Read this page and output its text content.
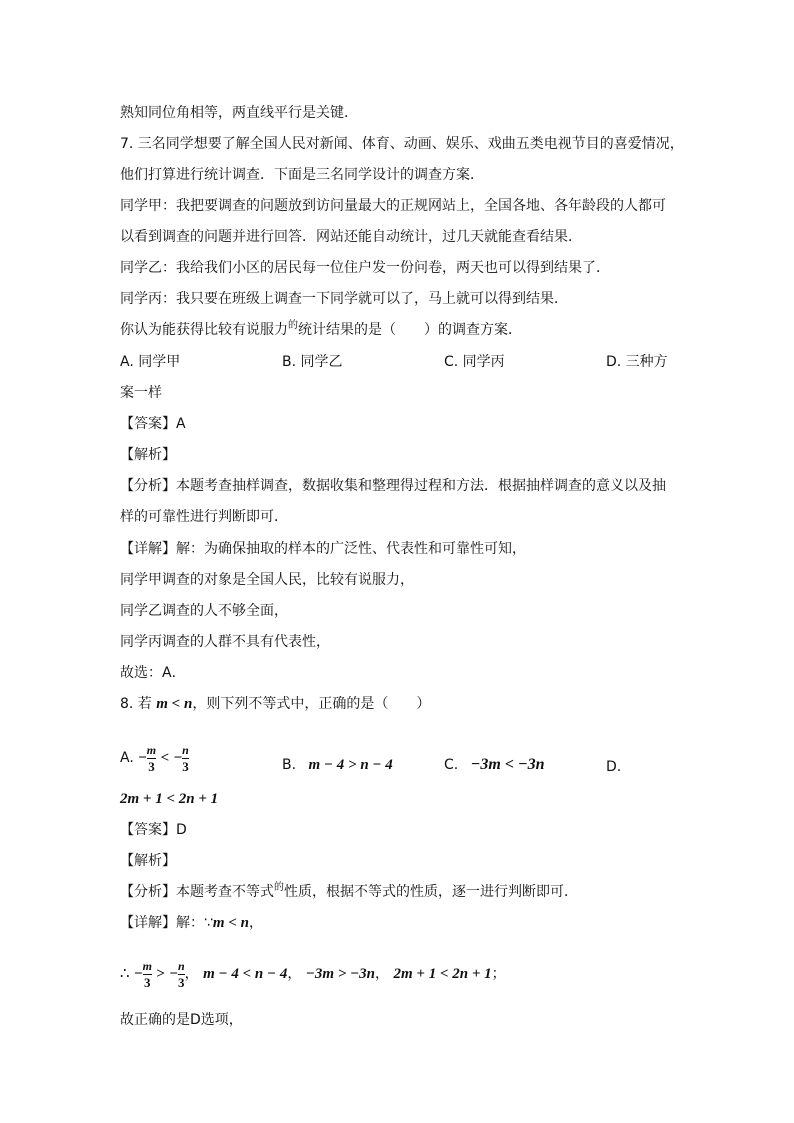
熟知同位角相等，两直线平行是关键.
7. 三名同学想要了解全国人民对新闻、体育、动画、娱乐、戏曲五类电视节目的喜爱情况，
他们打算进行统计调查．下面是三名同学设计的调查方案．
同学甲：我把要调查的问题放到访问量最大的正规网站上，全国各地、各年龄段的人都可
以看到调查的问题并进行回答．网站还能自动统计，过几天就能查看结果．
同学乙：我给我们小区的居民每一位住户发一份问卷，两天也可以得到结果了．
同学丙：我只要在班级上调查一下同学就可以了，马上就可以得到结果．
你认为能获得比较有说服力$^的$统计结果的是（　　）的调查方案．
A. 同学甲	B. 同学乙	C. 同学丙	D. 三种方
案一样
【答案】A
【解析】
【分析】本题考查抽样调查，数据收集和整理得过程和方法．根据抽样调查的意义以及抽
样的可靠性进行判断即可．
【详解】解：为确保抽取的样本的广泛性、代表性和可靠性可知，
同学甲调查的对象是全国人民，比较有说服力，
同学乙调查的人不够全面，
同学丙调查的人群不具有代表性，
故选：A．
8. 若 m < n，则下列不等式中，正确的是（　　）
A. − $\frac{m}{3}$ < − $\frac{n}{3}$	B. m − 4 > n − 4	C. −3m < −3n	D.
2m + 1 < 2n + 1
【答案】D
【解析】
【分析】本题考查不等式$^的$性质，根据不等式的性质，逐一进行判断即可．
【详解】解：∵m < n，
∴ − $\frac{m}{3}$ > − $\frac{n}{3}$ ， m − 4 < n − 4， −3m > −3n， 2m + 1 < 2n + 1；
故正确的是D选项，
